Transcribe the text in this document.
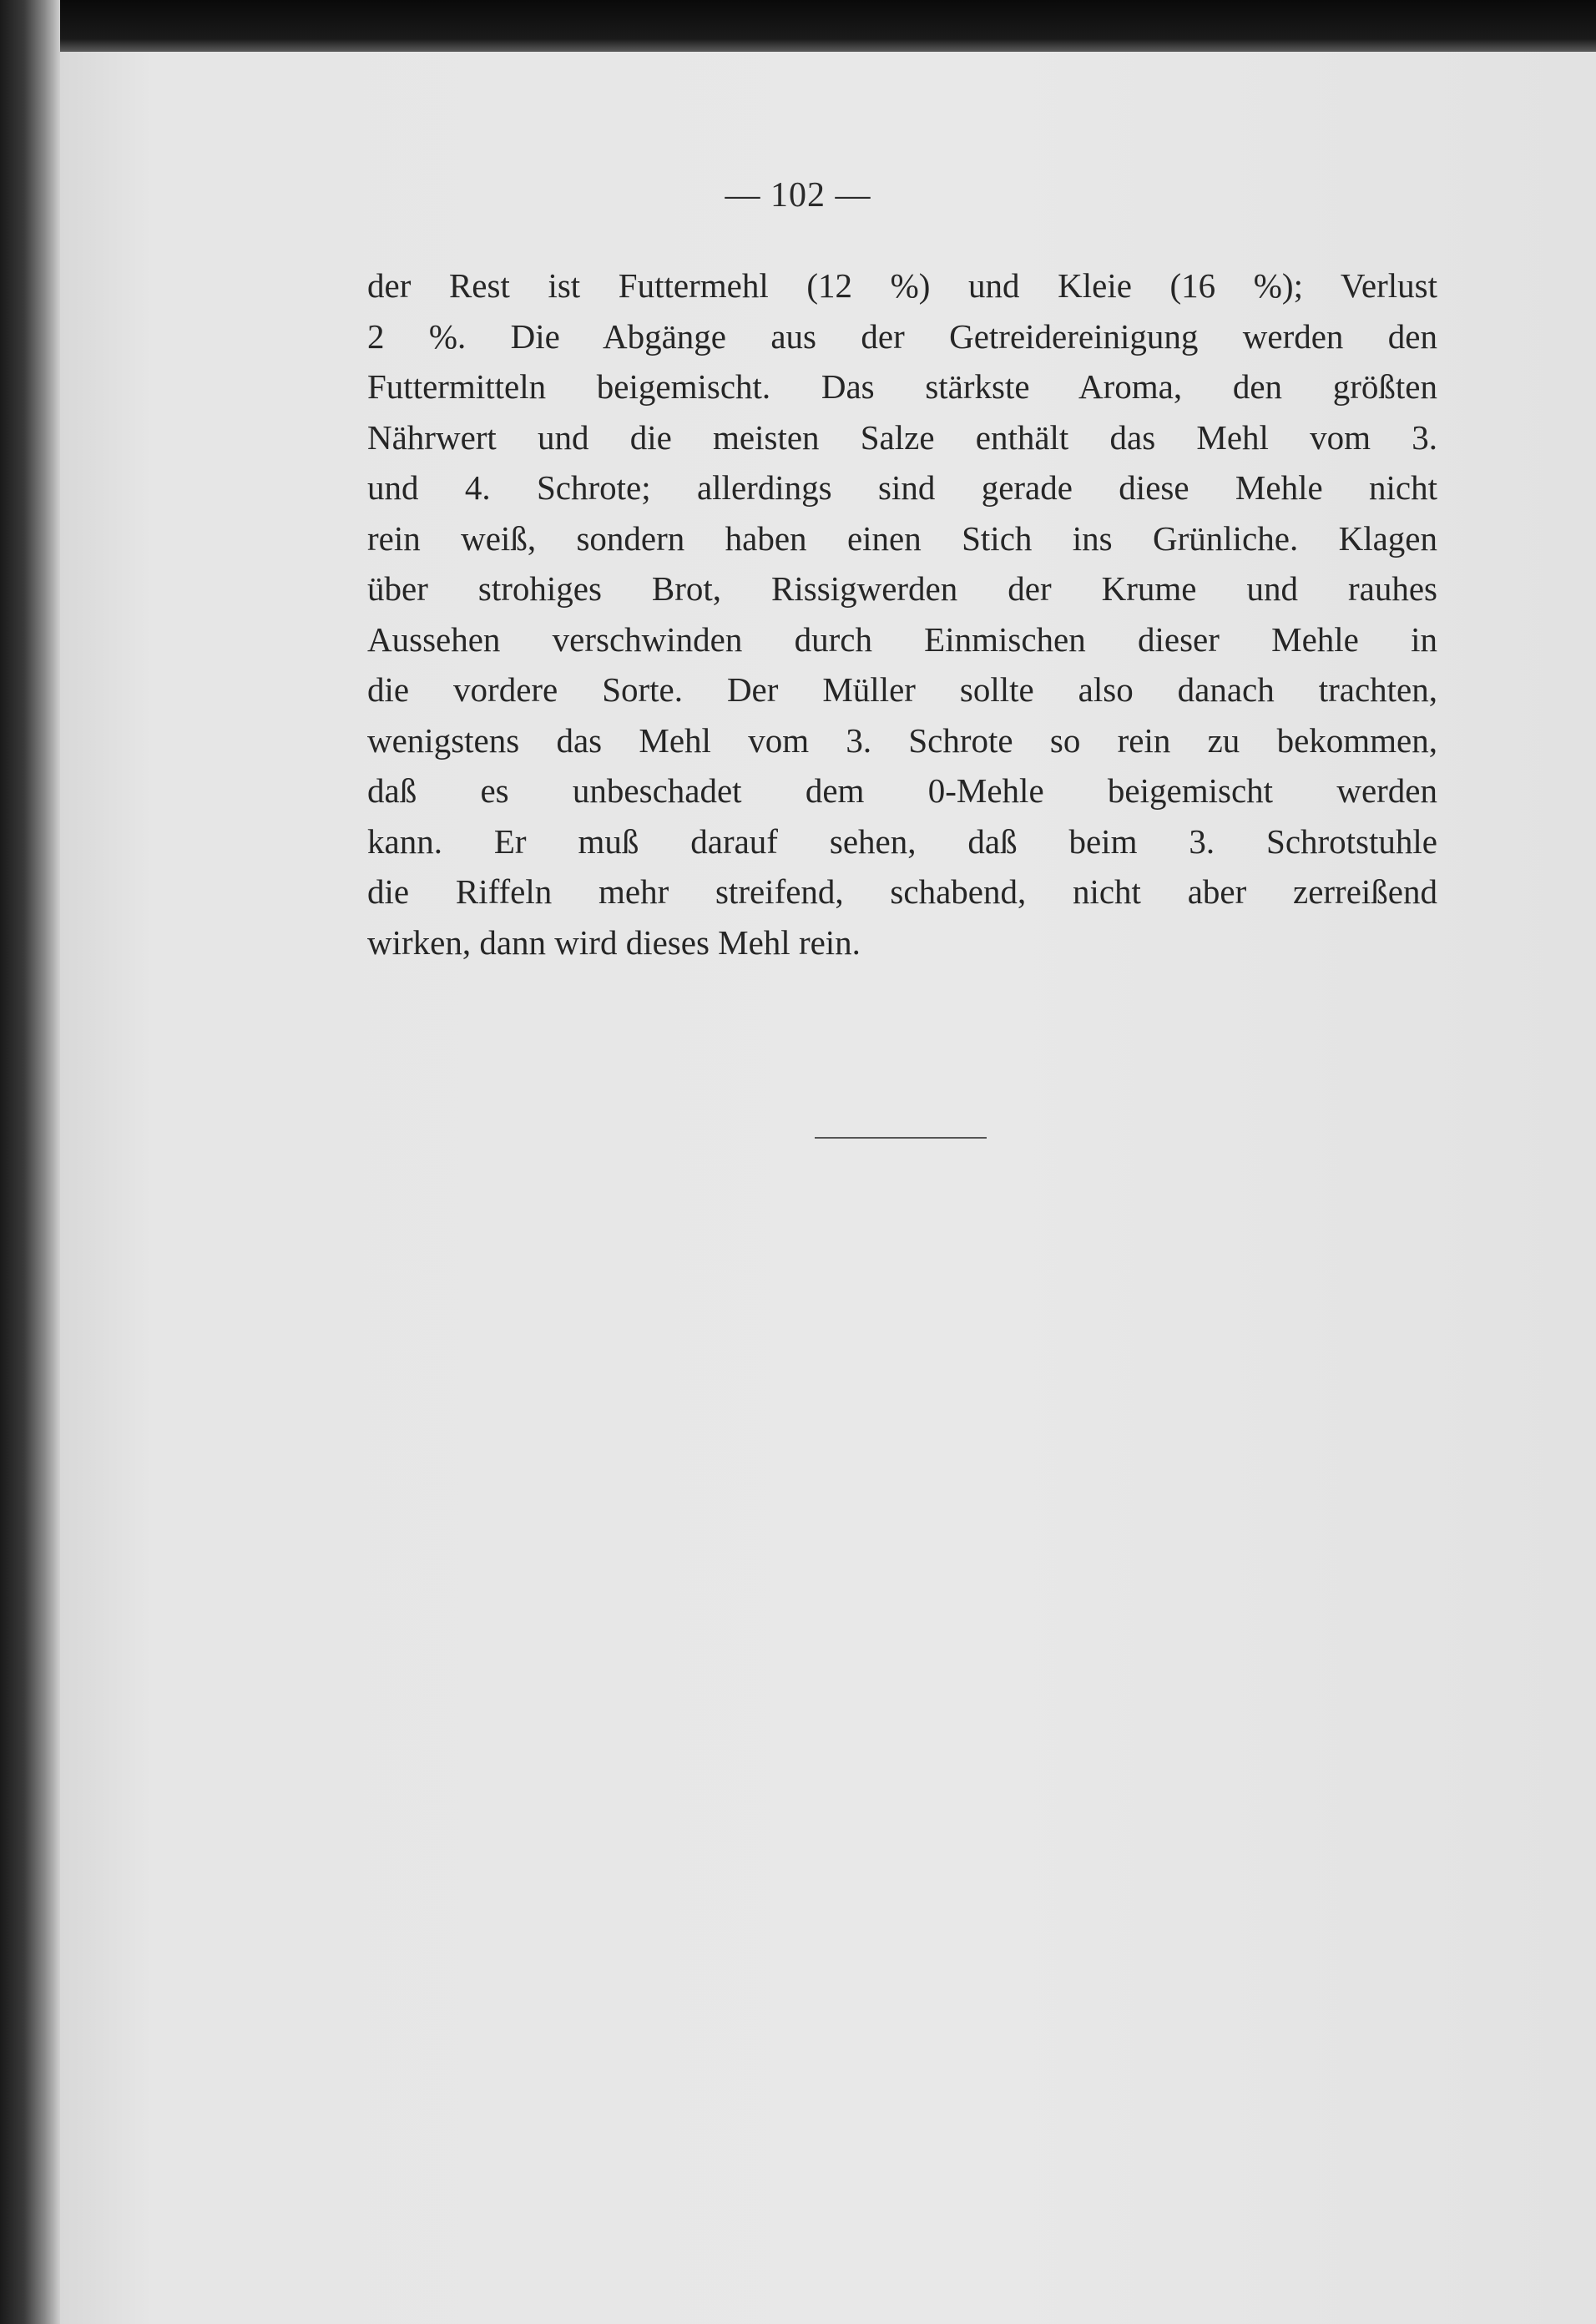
— 102 —
der Rest ist Futtermehl (12 %) und Kleie (16 %); Verlust
2 %. Die Abgänge aus der Getreidereinigung werden den
Futtermitteln beigemischt. Das stärkste Aroma, den größten
Nährwert und die meisten Salze enthält das Mehl vom 3.
und 4. Schrote; allerdings sind gerade diese Mehle nicht
rein weiß, sondern haben einen Stich ins Grünliche. Klagen
über strohiges Brot, Rissigwerden der Krume und rauhes
Aussehen verschwinden durch Einmischen dieser Mehle in
die vordere Sorte. Der Müller sollte also danach trachten,
wenigstens das Mehl vom 3. Schrote so rein zu bekommen,
daß es unbeschadet dem 0-Mehle beigemischt werden
kann. Er muß darauf sehen, daß beim 3. Schrotstuhle
die Riffeln mehr streifend, schabend, nicht aber zerreißend
wirken, dann wird dieses Mehl rein.
